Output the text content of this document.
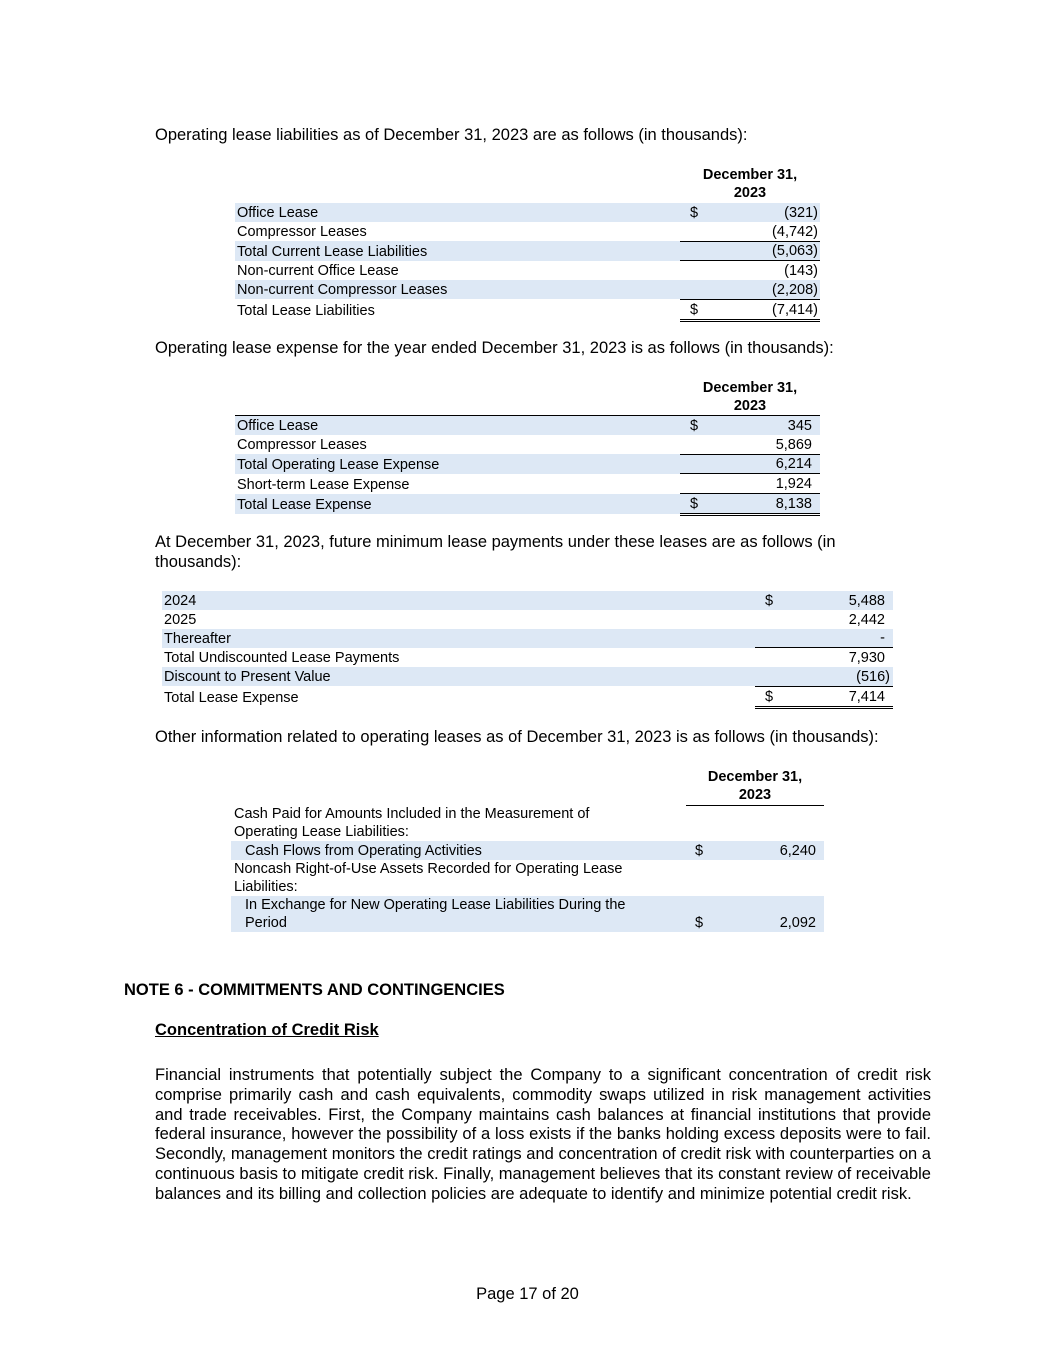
Operating lease liabilities as of December 31, 2023 are as follows (in thousands):
December 31,
2023
Office Lease	$	(321)
Compressor Leases		(4,742)
Total Current Lease Liabilities		(5,063)
Non-current Office Lease		(143)
Non-current Compressor Leases		(2,208)
Total Lease Liabilities	$	(7,414)
Operating lease expense for the year ended December 31, 2023 is as follows (in thousands):
December 31,
2023
Office Lease	$	345
Compressor Leases		5,869
Total Operating Lease Expense		6,214
Short-term Lease Expense		1,924
Total Lease Expense	$	8,138
At December 31, 2023, future minimum lease payments under these leases are as follows (in thousands):
2024	$	5,488
2025		2,442
Thereafter		-
Total Undiscounted Lease Payments		7,930
Discount to Present Value		(516)
Total Lease Expense	$	7,414
Other information related to operating leases as of December 31, 2023 is as follows (in thousands):
December 31,
2023
Cash Paid for Amounts Included in the Measurement of
Operating Lease Liabilities:
Cash Flows from Operating Activities	$	6,240
Noncash Right-of-Use Assets Recorded for Operating Lease
Liabilities:
In Exchange for New Operating Lease Liabilities During the
Period	$	2,092
NOTE 6 - COMMITMENTS AND CONTINGENCIES
Concentration of Credit Risk
Financial instruments that potentially subject the Company to a significant concentration of credit risk comprise primarily cash and cash equivalents, commodity swaps utilized in risk management activities and trade receivables. First, the Company maintains cash balances at financial institutions that provide federal insurance, however the possibility of a loss exists if the banks holding excess deposits were to fail. Secondly, management monitors the credit ratings and concentration of credit risk with counterparties on a continuous basis to mitigate credit risk. Finally, management believes that its constant review of receivable balances and its billing and collection policies are adequate to identify and minimize potential credit risk.
Page 17 of 20
